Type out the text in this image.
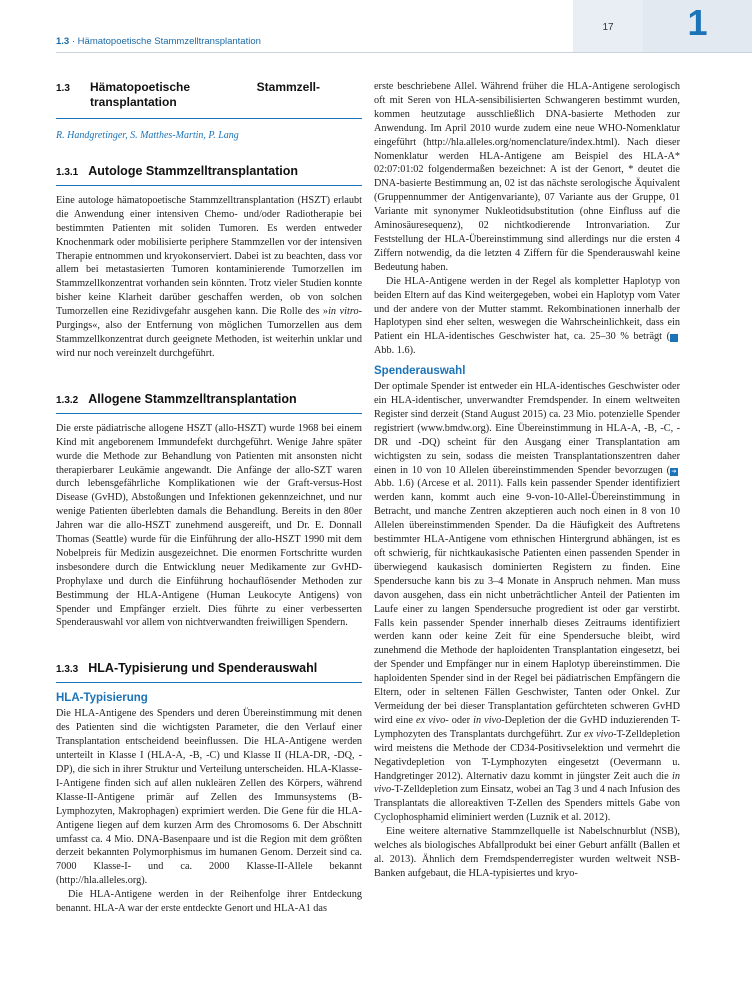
1.3 · Hämatopoetische Stammzelltransplantation
17	1
1.3	Hämatopoetische Stammzell-transplantation
R. Handgretinger, S. Matthes-Martin, P. Lang
1.3.1 Autologe Stammzelltransplantation

Eine autologe hämatopoetische Stammzelltransplantation (HSZT) erlaubt die Anwendung einer intensiven Chemo- und/oder Radiotherapie bei bestimmten Patienten mit soliden Tumoren. Es werden entweder Knochenmark oder mobilisierte periphere Stammzellen vor der intensiven Therapie entnommen und kryokonserviert. Dabei ist zu beachten, dass vor allem bei metastasierten Tumoren kontaminierende Tumorzellen im Stammzellkonzentrat vorhanden sein könnten. Trotz vieler Studien konnte bisher keine Klarheit darüber geschaffen werden, ob von solchen Tumorzellen eine Rezidivgefahr ausgehen kann. Die Rolle des »in vitro-Purgings«, also der Entfernung von möglichen Tumorzellen aus dem Stammzellkonzentrat durch geeignete Methoden, ist weiterhin unklar und wird nur noch vereinzelt durchgeführt.

1.3.2 Allogene Stammzelltransplantation

Die erste pädiatrische allogene HSZT (allo-HSZT) wurde 1968 bei einem Kind mit angeborenem Immundefekt durchgeführt. Wenige Jahre später wurde die Methode zur Behandlung von Patienten mit ansonsten nicht therapierbarer Leukämie angewandt. Die Anfänge der allo-SZT waren durch lebensgefährliche Komplikationen wie der Graft-versus-Host Disease (GvHD), Abstoßungen und Infektionen gekennzeichnet, und nur wenige Patienten überlebten damals die Behandlung. Bereits in den 80er Jahren war die allo-HSZT zunehmend ausgereift, und Dr. E. Donnall Thomas (Seattle) wurde für die Einführung der allo-HSZT 1990 mit dem Nobelpreis für Medizin ausgezeichnet. Die enormen Fortschritte wurden insbesondere durch die Entwicklung neuer Medikamente zur GvHD-Prophylaxe und durch die Einführung hochauflösender Methoden zur Bestimmung der HLA-Antigene (Human Leukocyte Antigens) von Spender und Empfänger erzielt. Dies führte zu einer verbesserten Spenderauswahl vor allem von nichtverwandten freiwilligen Spendern.

1.3.3 HLA-Typisierung und Spenderauswahl
HLA-Typisierung

Die HLA-Antigene des Spenders und deren Übereinstimmung mit denen des Patienten sind die wichtigsten Parameter, die den Verlauf einer Transplantation entscheidend beeinflussen. Die HLA-Antigene werden unterteilt in Klasse I (HLA-A, -B, -C) und Klasse II (HLA-DR, -DQ, -DP), die sich in ihrer Struktur und Verteilung unterscheiden. HLA-Klasse-I-Antigene finden sich auf allen nukleären Zellen des Körpers, während Klasse-II-Antigene primär auf Zellen des Immunsystems (B-Lymphozyten, Makrophagen) exprimiert werden. Die Gene für die HLA-Antigene liegen auf dem kurzen Arm des Chromosoms 6. Der Abschnitt umfasst ca. 4 Mio. DNA-Basenpaare und ist die Region mit dem größten derzeit bekannten Polymorphismus im humanen Genom. Derzeit sind ca. 7000 Klasse-I- und ca. 2000 Klasse-II-Allele bekannt (http://hla.alleles.org).

Die HLA-Antigene werden in der Reihenfolge ihrer Entdeckung benannt. HLA-A war der erste entdeckte Genort und HLA-A1 das

erste beschriebene Allel. Während früher die HLA-Antigene serologisch oft mit Seren von HLA-sensibilisierten Schwangeren bestimmt wurden, kommen heutzutage ausschließlich DNA-basierte Methoden zur Anwendung. Im April 2010 wurde zudem eine neue WHO-Nomenklatur eingeführt (http://hla.alleles.org/nomenclature/index.html). Nach dieser Nomenklatur werden HLA-Antigene am Beispiel des HLA-A* 02:07:01:02 folgendermaßen bezeichnet: A ist der Genort, * deutet die DNA-basierte Bestimmung an, 02 ist das nächste serologische Äquivalent (Gruppennummer der Antigenvariante), 07 Variante aus der Gruppe, 01 Variante mit synonymer Nukleotidsubstitution (ohne Einfluss auf die Aminosäuresequenz), 02 nichtkodierende Intronvariation. Zur Feststellung der HLA-Übereinstimmung sind allerdings nur die ersten 4 Ziffern notwendig, da die letzten 4 Ziffern für die Spenderauswahl keine Bedeutung haben.

Die HLA-Antigene werden in der Regel als kompletter Haplotyp von beiden Eltern auf das Kind weitergegeben, wobei ein Haplotyp vom Vater und der andere von der Mutter stammt. Rekombinationen innerhalb der Haplotypen sind eher selten, weswegen die Wahrscheinlichkeit, dass ein Patient ein HLA-identisches Geschwister hat, ca. 25–30 % beträgt ( ➔Abb. 1.6).

Spenderauswahl

Der optimale Spender ist entweder ein HLA-identisches Geschwister oder ein HLA-identischer, unverwandter Fremdspender. In einem weltweiten Register sind derzeit (Stand August 2015) ca. 23 Mio. potenzielle Spender registriert (www.bmdw.org). Eine Übereinstimmung in HLA-A, -B, -C, -DR und -DQ) scheint für den Ausgang einer Transplantation am wichtigsten zu sein, sodass die meisten Transplantationszentren daher einen in 10 von 10 Allelen übereinstimmenden Spender bevorzugen (➔Abb. 1.6) (Arcese et al. 2011). Falls kein passender Spender identifiziert werden kann, kommt auch eine 9-von-10-Allel-Übereinstimmung in Betracht, und manche Zentren akzeptieren auch noch einen in 8 von 10 Allelen übereinstimmenden Spender. Da die Häufigkeit des Auftretens bestimmter HLA-Antigene vom ethnischen Hintergrund abhängen, ist es oft schwierig, für nichtkaukasische Patienten einen passenden Spender in überwiegend kaukasisch dominierten Registern zu finden. Eine Spendersuche kann bis zu 3–4 Monate in Anspruch nehmen. Man muss davon ausgehen, dass ein nicht unbeträchtlicher Anteil der Patienten im Laufe einer zu langen Spendersuche progredient ist oder gar verstirbt. Falls kein passender Spender innerhalb dieses Zeitraums identifiziert werden kann oder keine Zeit für eine Spendersuche bleibt, wird zunehmend die Methode der haploidenten Transplantation eingesetzt, bei der Spender und Empfänger nur in einem Haplotyp übereinstimmen. Die haploidenten Spender sind in der Regel bei pädiatrischen Empfängern die Eltern, oder in seltenen Fällen Geschwister, Tanten oder Onkel. Zur Vermeidung der bei dieser Transplantation gefürchteten schweren GvHD wird eine ex vivo- oder in vivo-Depletion der die GvHD induzierenden T-Lymphozyten des Transplantats durchgeführt. Zur ex vivo-T-Zelldepletion wird meistens die Methode der CD34-Positivselektion und vermehrt die Negativdepletion von T-Lymphozyten eingesetzt (Oevermann u. Handgretinger 2012). Alternativ dazu kommt in jüngster Zeit auch die in vivo-T-Zelldepletion zum Einsatz, wobei an Tag 3 und 4 nach Infusion des Transplantats die alloreaktiven T-Zellen des Spenders mittels Gabe von Cyclophosphamid eliminiert werden (Luznik et al. 2012).

Eine weitere alternative Stammzellquelle ist Nabelschnurblut (NSB), welches als biologisches Abfallprodukt bei einer Geburt anfällt (Ballen et al. 2013). Ähnlich dem Fremdspenderregister wurden weltweit NSB-Banken aufgebaut, die HLA-typisiertes und kryo-
